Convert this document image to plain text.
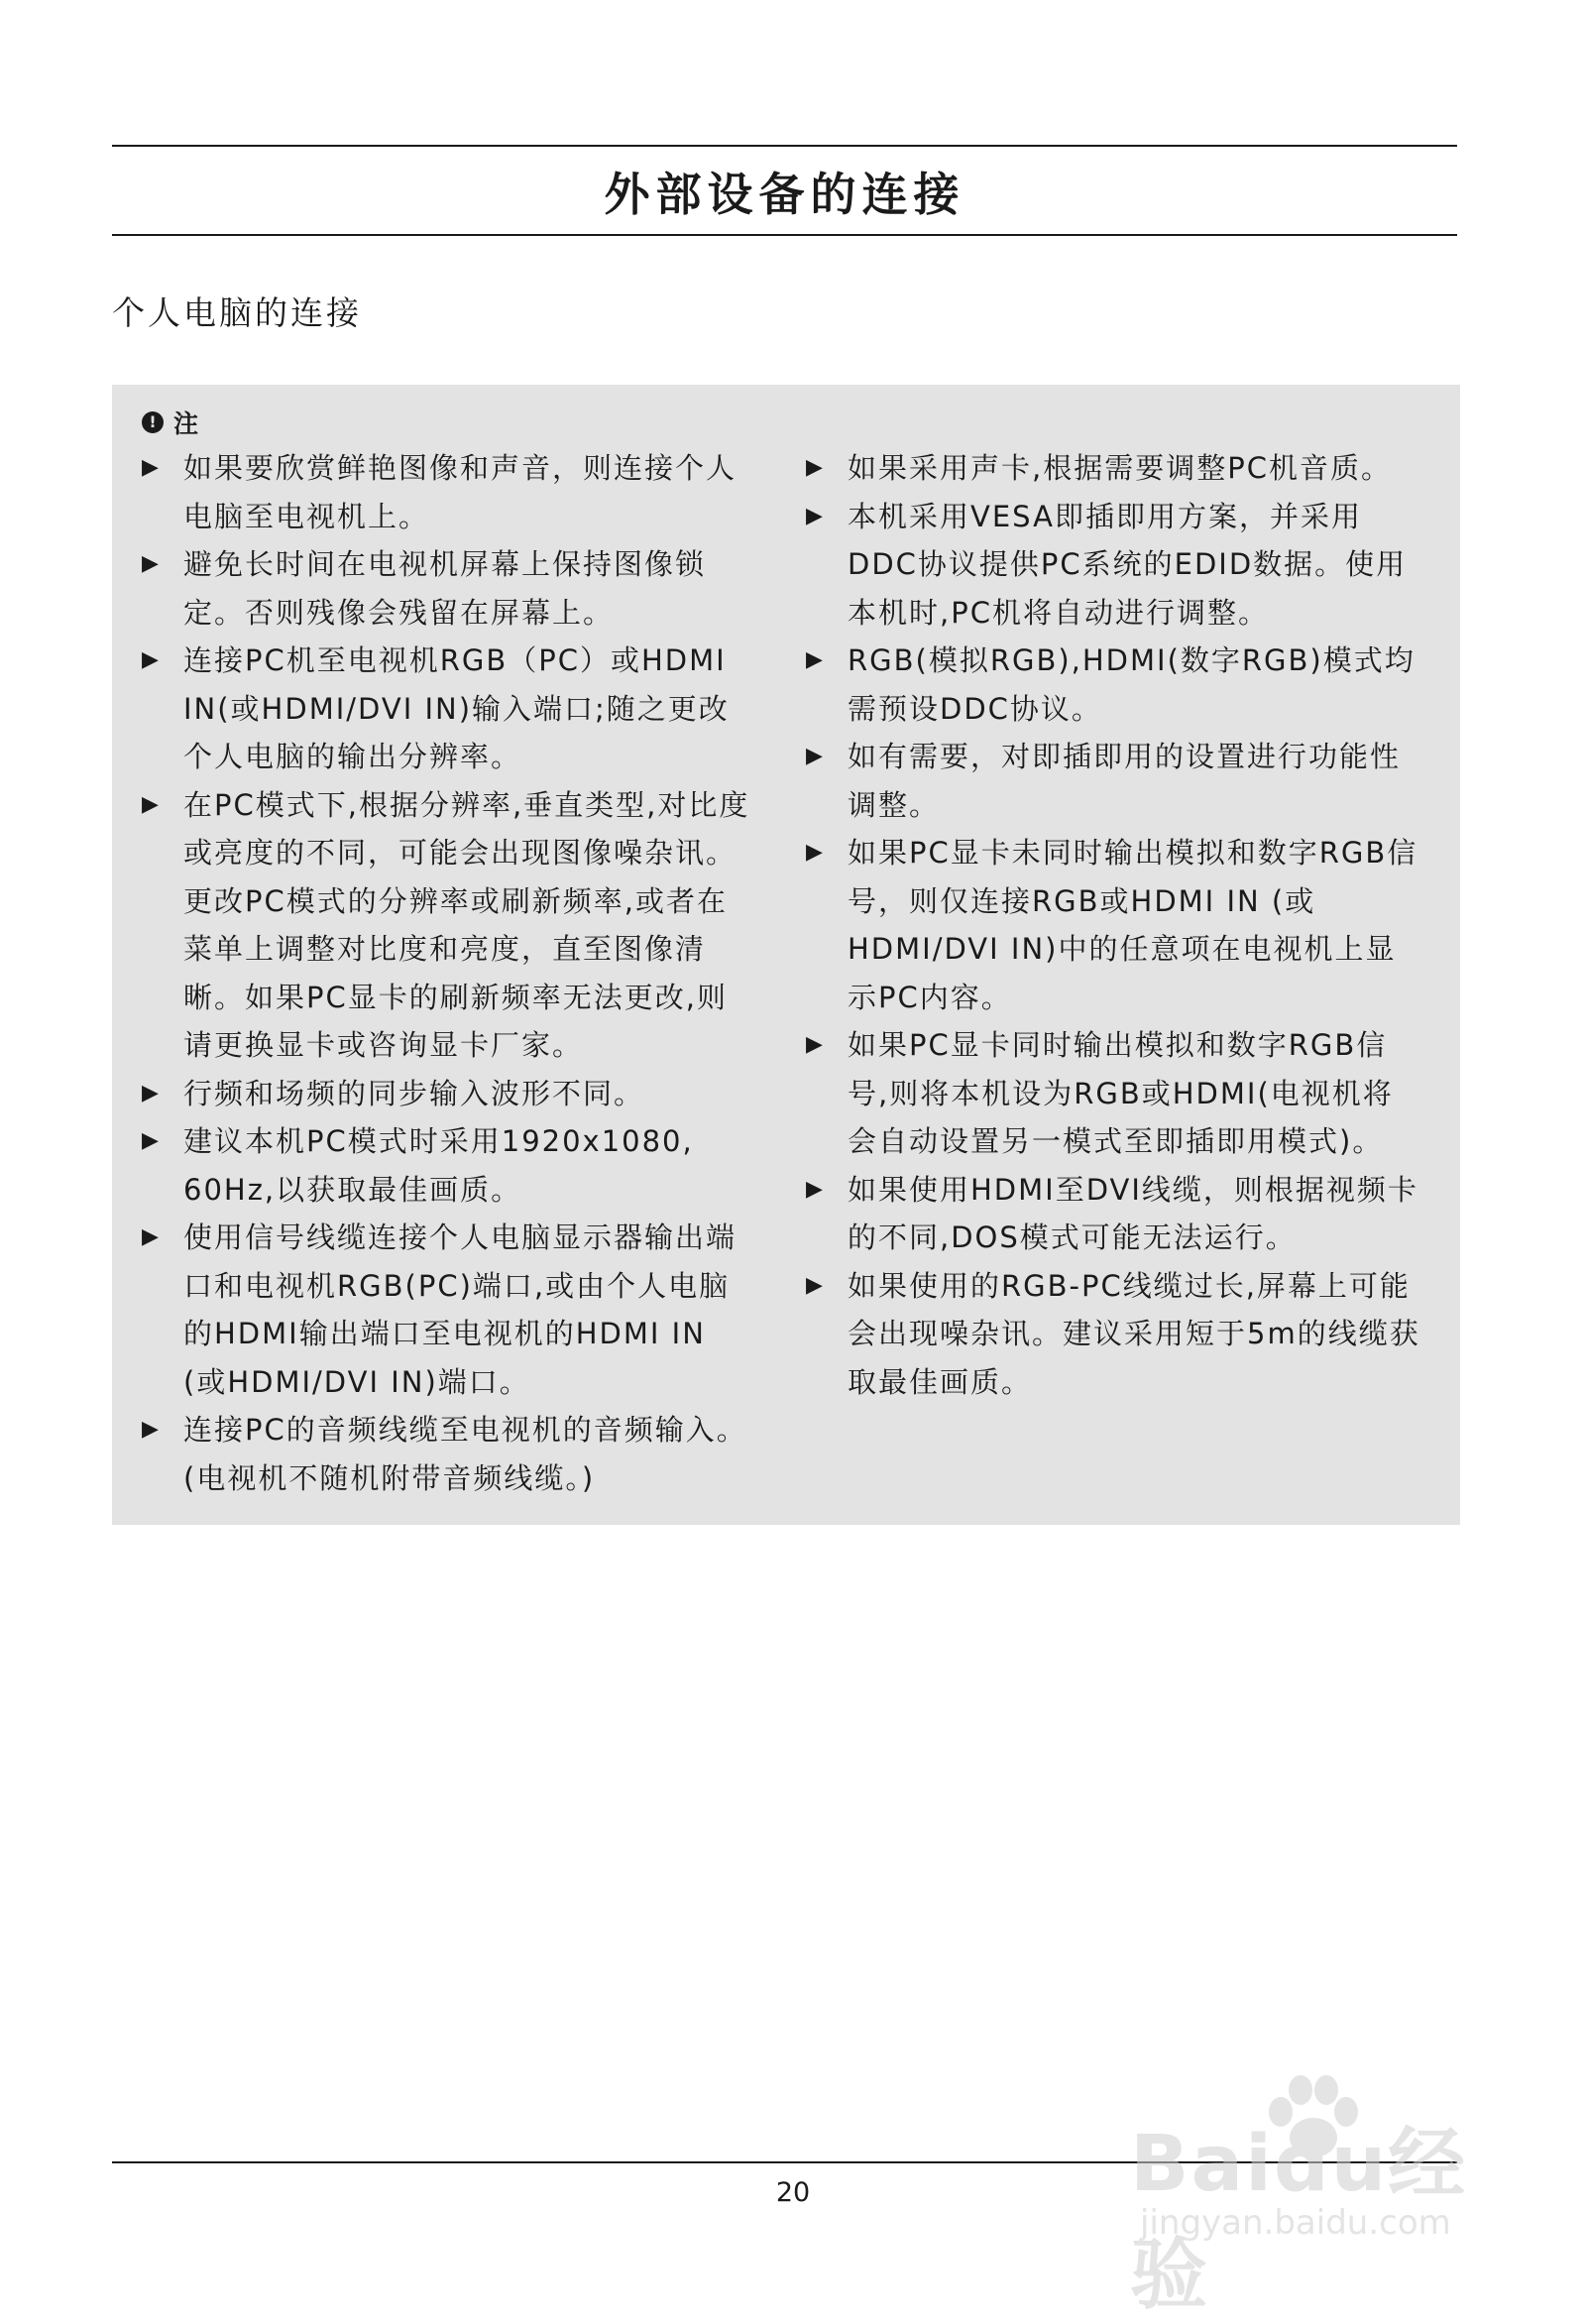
外部设备的连接
个人电脑的连接
! 注
▶ 如果要欣赏鲜艳图像和声音，则连接个人电脑至电视机上。
▶ 避免长时间在电视机屏幕上保持图像锁定。否则残像会残留在屏幕上。
▶ 连接PC机至电视机RGB（PC）或HDMI IN(或HDMI/DVI IN)输入端口;随之更改个人电脑的输出分辨率。
▶ 在PC模式下,根据分辨率,垂直类型,对比度或亮度的不同，可能会出现图像噪杂讯。更改PC模式的分辨率或刷新频率,或者在菜单上调整对比度和亮度，直至图像清晰。如果PC显卡的刷新频率无法更改,则请更换显卡或咨询显卡厂家。
▶ 行频和场频的同步输入波形不同。
▶ 建议本机PC模式时采用1920x1080, 60Hz,以获取最佳画质。
▶ 使用信号线缆连接个人电脑显示器输出端口和电视机RGB(PC)端口,或由个人电脑的HDMI输出端口至电视机的HDMI IN (或HDMI/DVI IN)端口。
▶ 连接PC的音频线缆至电视机的音频输入。(电视机不随机附带音频线缆。)
▶ 如果采用声卡,根据需要调整PC机音质。
▶ 本机采用VESA即插即用方案，并采用DDC协议提供PC系统的EDID数据。使用本机时,PC机将自动进行调整。
▶ RGB(模拟RGB),HDMI(数字RGB)模式均需预设DDC协议。
▶ 如有需要，对即插即用的设置进行功能性调整。
▶ 如果PC显卡未同时输出模拟和数字RGB信号，则仅连接RGB或HDMI IN (或HDMI/DVI IN)中的任意项在电视机上显示PC内容。
▶ 如果PC显卡同时输出模拟和数字RGB信号,则将本机设为RGB或HDMI(电视机将会自动设置另一模式至即插即用模式)。
▶ 如果使用HDMI至DVI线缆，则根据视频卡的不同,DOS模式可能无法运行。
▶ 如果使用的RGB-PC线缆过长,屏幕上可能会出现噪杂讯。建议采用短于5m的线缆获取最佳画质。
20	Baidu经验
jingyan.baidu.com
